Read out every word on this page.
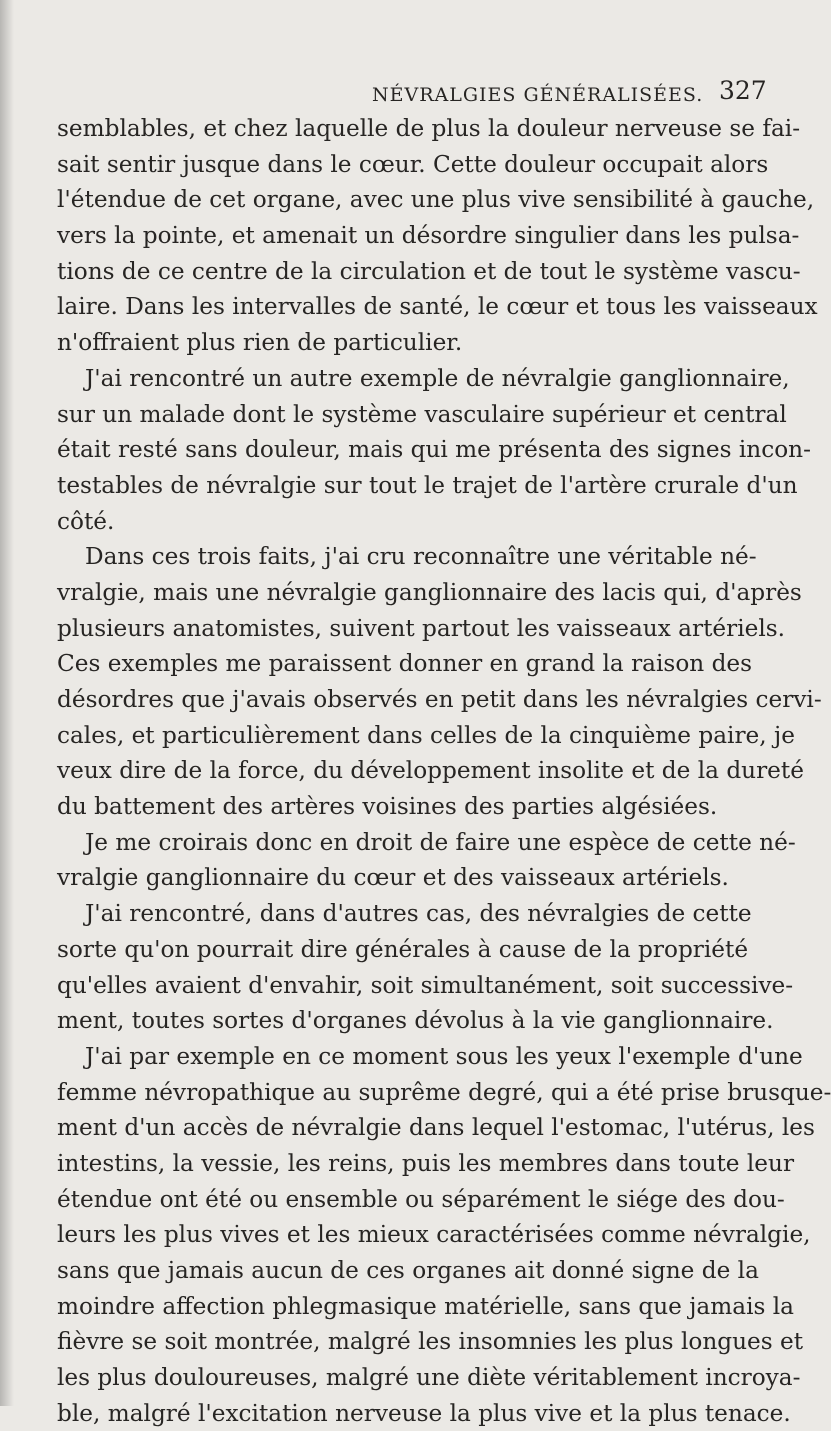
NÉVRALGIES GÉNÉRALISÉES. 327
semblables, et chez laquelle de plus la douleur nerveuse se fai-
sait sentir jusque dans le cœur. Cette douleur occupait alors
l'étendue de cet organe, avec une plus vive sensibilité à gauche,
vers la pointe, et amenait un désordre singulier dans les pulsa-
tions de ce centre de la circulation et de tout le système vascu-
laire. Dans les intervalles de santé, le cœur et tous les vaisseaux
n'offraient plus rien de particulier.
J'ai rencontré un autre exemple de névralgie ganglionnaire,
sur un malade dont le système vasculaire supérieur et central
était resté sans douleur, mais qui me présenta des signes incon-
testables de névralgie sur tout le trajet de l'artère crurale d'un
côté.
Dans ces trois faits, j'ai cru reconnaître une véritable né-
vralgie, mais une névralgie ganglionnaire des lacis qui, d'après
plusieurs anatomistes, suivent partout les vaisseaux artériels.
Ces exemples me paraissent donner en grand la raison des
désordres que j'avais observés en petit dans les névralgies cervi-
cales, et particulièrement dans celles de la cinquième paire, je
veux dire de la force, du développement insolite et de la dureté
du battement des artères voisines des parties algésiées.
Je me croirais donc en droit de faire une espèce de cette né-
vralgie ganglionnaire du cœur et des vaisseaux artériels.
J'ai rencontré, dans d'autres cas, des névralgies de cette
sorte qu'on pourrait dire générales à cause de la propriété
qu'elles avaient d'envahir, soit simultanément, soit successive-
ment, toutes sortes d'organes dévolus à la vie ganglionnaire.
J'ai par exemple en ce moment sous les yeux l'exemple d'une
femme névropathique au suprême degré, qui a été prise brusque-
ment d'un accès de névralgie dans lequel l'estomac, l'utérus, les
intestins, la vessie, les reins, puis les membres dans toute leur
étendue ont été ou ensemble ou séparément le siége des dou-
leurs les plus vives et les mieux caractérisées comme névralgie,
sans que jamais aucun de ces organes ait donné signe de la
moindre affection phlegmasique matérielle, sans que jamais la
fièvre se soit montrée, malgré les insomnies les plus longues et
les plus douloureuses, malgré une diète véritablement incroya-
ble, malgré l'excitation nerveuse la plus vive et la plus tenace.
